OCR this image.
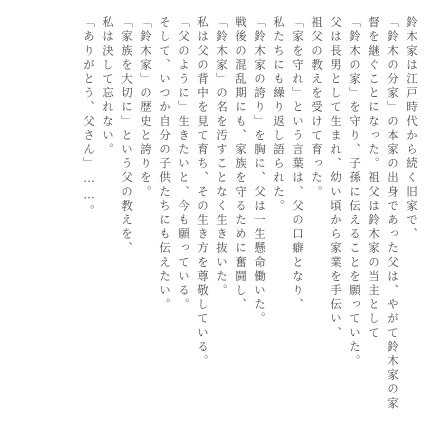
鈴木家は江戸時代から続く旧家で、
「鈴木の分家」の本家の出身であった父は、やがて鈴木家の家
督を継ぐことになった。祖父は鈴木家の当主として
「鈴木の家」を守り、子孫に伝えることを願っていた。
父は長男として生まれ、幼い頃から家業を手伝い、
祖父の教えを受けて育った。
「家を守れ」という言葉は、父の口癖となり、
私たちにも繰り返し語られた。
「鈴木家の誇り」を胸に、父は一生懸命働いた。
戦後の混乱期にも、家族を守るために奮闘し、
「鈴木家」の名を汚すことなく生き抜いた。
私は父の背中を見て育ち、その生き方を尊敬している。
「父のように」生きたいと、今も願っている。
そして、いつか自分の子供たちにも伝えたい。
「鈴木家」の歴史と誇りを。
「家族を大切に」という父の教えを、
私は決して忘れない。
「ありがとう、父さん」……。
